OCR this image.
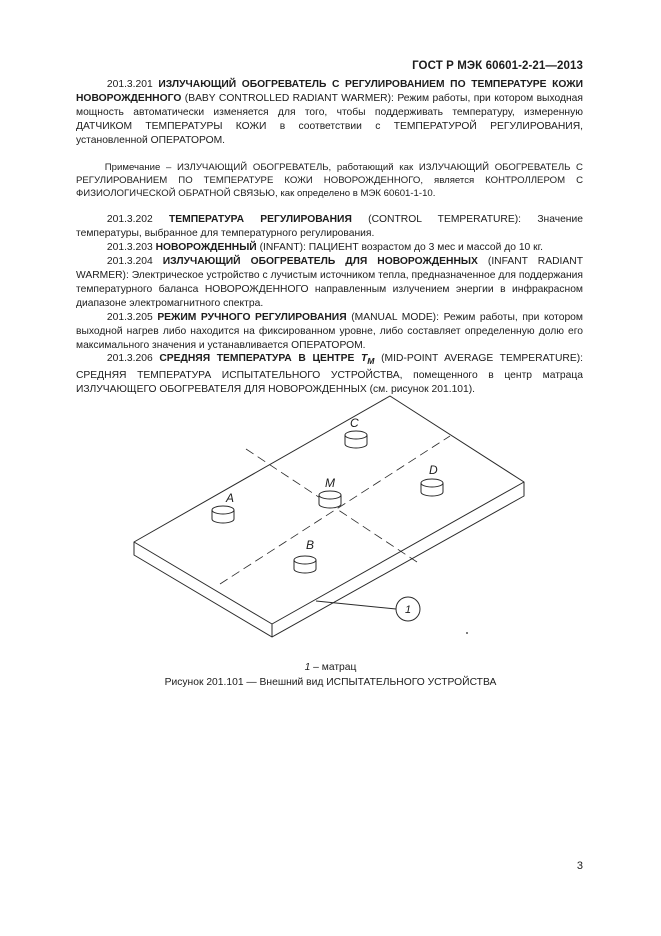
ГОСТ Р МЭК 60601-2-21—2013

   201.3.201 ИЗЛУЧАЮЩИЙ ОБОГРЕВАТЕЛЬ С РЕГУЛИРОВАНИЕМ ПО ТЕМПЕРАТУРЕ КОЖИ НОВОРОЖДЕННОГО (BABY CONTROLLED RADIANT WARMER): Режим работы, при котором выходная мощность автоматически изменяется для того, чтобы поддерживать температуру, измеренную ДАТЧИКОМ ТЕМПЕРАТУРЫ КОЖИ в соответствии с ТЕМПЕРАТУРОЙ РЕГУЛИРОВАНИЯ, установленной ОПЕРАТОРОМ.

   Примечание – ИЗЛУЧАЮЩИЙ ОБОГРЕВАТЕЛЬ, работающий как ИЗЛУЧАЮЩИЙ ОБОГРЕВАТЕЛЬ С РЕГУЛИРОВАНИЕМ ПО ТЕМПЕРАТУРЕ КОЖИ НОВОРОЖДЕННОГО, является КОНТРОЛЛЕРОМ С ФИЗИОЛОГИЧЕСКОЙ ОБРАТНОЙ СВЯЗЬЮ, как определено в МЭК 60601-1-10.

   201.3.202 ТЕМПЕРАТУРА РЕГУЛИРОВАНИЯ (CONTROL TEMPERATURE): Значение температуры, выбранное для температурного регулирования.

   201.3.203 НОВОРОЖДЕННЫЙ (INFANT): ПАЦИЕНТ возрастом до 3 мес и массой до 10 кг.

   201.3.204 ИЗЛУЧАЮЩИЙ ОБОГРЕВАТЕЛЬ ДЛЯ НОВОРОЖДЕННЫХ (INFANT RADIANT WARMER): Электрическое устройство с лучистым источником тепла, предназначенное для поддержания температурного баланса НОВОРОЖДЕННОГО направленным излучением энергии в инфракрасном диапазоне электромагнитного спектра.

   201.3.205 РЕЖИМ РУЧНОГО РЕГУЛИРОВАНИЯ (MANUAL MODE): Режим работы, при котором выходной нагрев либо находится на фиксированном уровне, либо составляет определенную долю его максимального значения и устанавливается ОПЕРАТОРОМ.

   201.3.206 СРЕДНЯЯ ТЕМПЕРАТУРА В ЦЕНТРЕ $T_M$ (MID-POINT AVERAGE TEMPERATURE): СРЕДНЯЯ ТЕМПЕРАТУРА ИСПЫТАТЕЛЬНОГО УСТРОЙСТВА, помещенного в центр матраца ИЗЛУЧАЮЩЕГО ОБОГРЕВАТЕЛЯ ДЛЯ НОВОРОЖДЕННЫХ (см. рисунок 201.101).

C
D
M
A
B
1
1 – матрац
Рисунок 201.101 — Внешний вид ИСПЫТАТЕЛЬНОГО УСТРОЙСТВА
3
